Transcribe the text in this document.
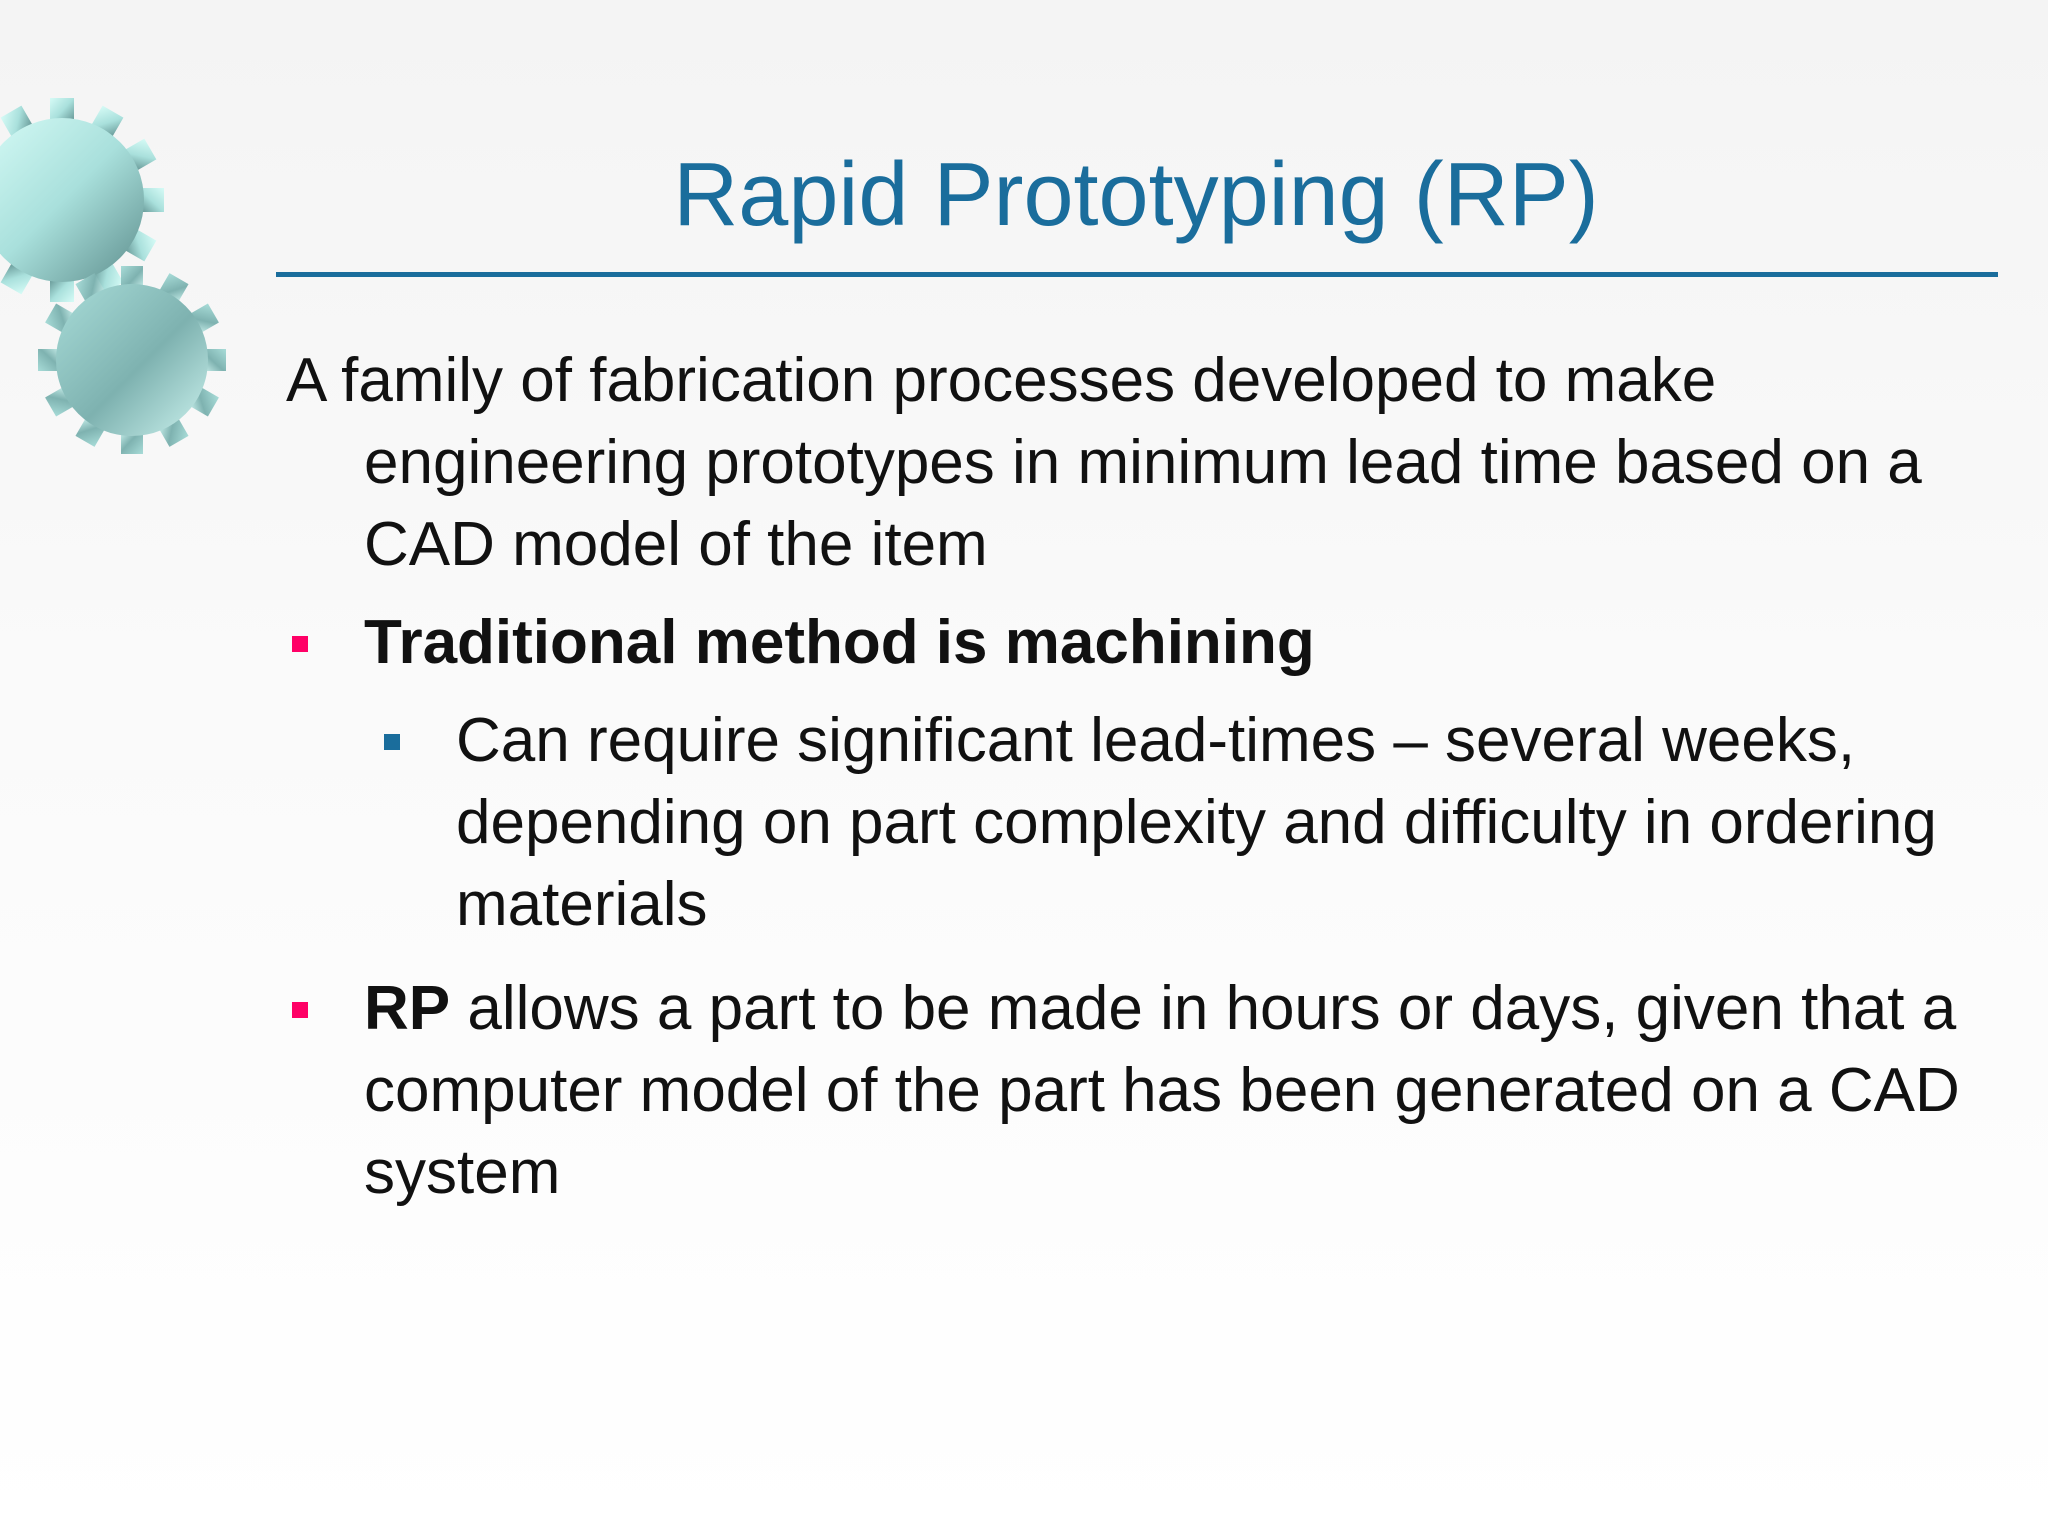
Rapid Prototyping (RP)

A family of fabrication processes developed to make engineering prototypes in minimum lead time based on a CAD model of the item

Traditional method is machining
Can require significant lead-times – several weeks, depending on part complexity and difficulty in ordering materials
RP allows a part to be made in hours or days, given that a computer model of the part has been generated on a CAD system
